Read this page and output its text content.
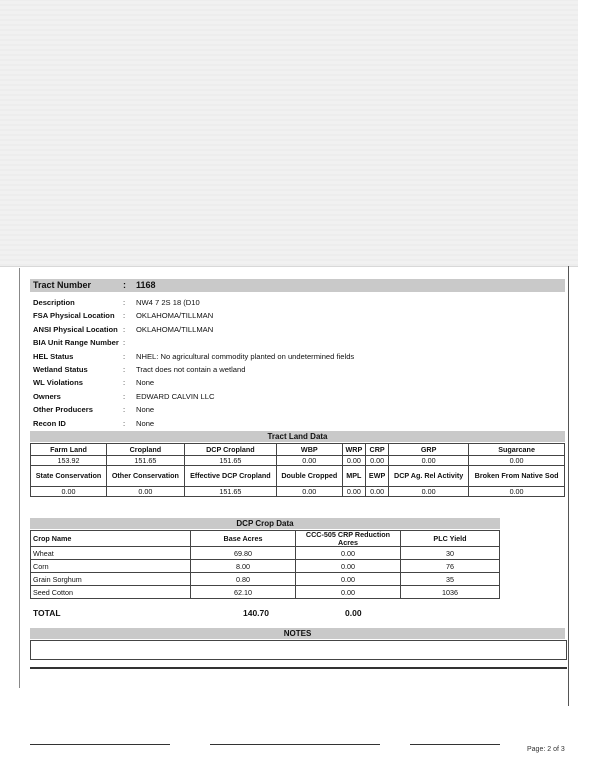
Tract Number	: 1168
Description	: NW4 7 2S 18 (D10
FSA Physical Location : OKLAHOMA/TILLMAN
ANSI Physical Location : OKLAHOMA/TILLMAN
BIA Unit Range Number :
HEL Status	: NHEL: No agricultural commodity planted on undetermined fields
Wetland Status	: Tract does not contain a wetland
WL Violations	: None
Owners	: EDWARD CALVIN LLC
Other Producers	: None
Recon ID	: None
Tract Land Data
Farm Land	Cropland	DCP Cropland	WBP	WRP	CRP	GRP	Sugarcane
153.92	151.65	151.65	0.00	0.00	0.00	0.00	0.00
State Conservation	Other Conservation	Effective DCP Cropland	Double Cropped	MPL	EWP	DCP Ag. Rel Activity	Broken From Native Sod
0.00	0.00	151.65	0.00	0.00	0.00	0.00	0.00
DCP Crop Data
Crop Name	Base Acres	CCC-505 CRP Reduction Acres	PLC Yield
Wheat	69.80	0.00	30
Corn	8.00	0.00	76
Grain Sorghum	0.80	0.00	35
Seed Cotton	62.10	0.00	1036
TOTAL	140.70	0.00
NOTES
Page: 2 of 3
